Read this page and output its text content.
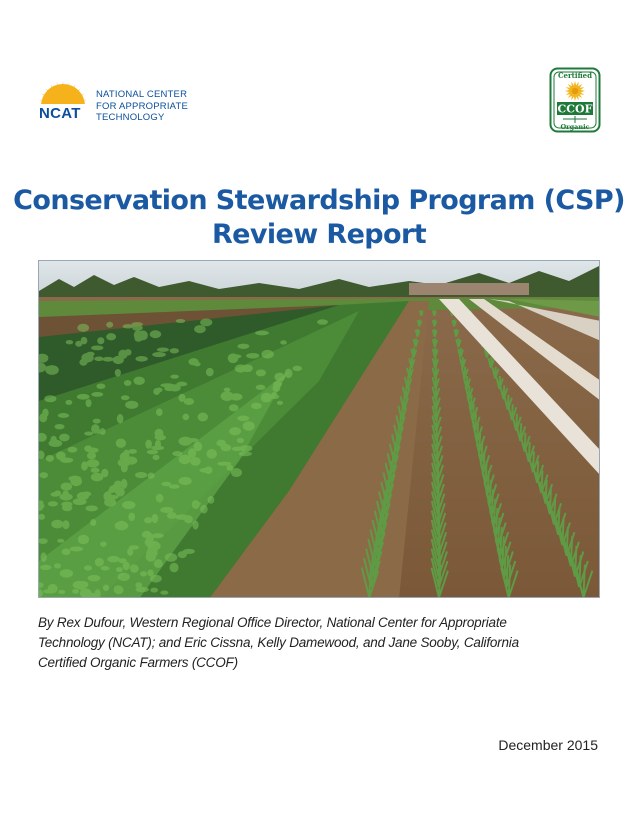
NCAT
NATIONAL CENTER
FOR APPROPRIATE
TECHNOLOGY
Certified
CCOF
Organic
Conservation Stewardship Program (CSP)
Review Report
By Rex Dufour, Western Regional Office Director, National Center for Appropriate
Technology (NCAT); and Eric Cissna, Kelly Damewood, and Jane Sooby, California
Certified Organic Farmers (CCOF)
December 2015
